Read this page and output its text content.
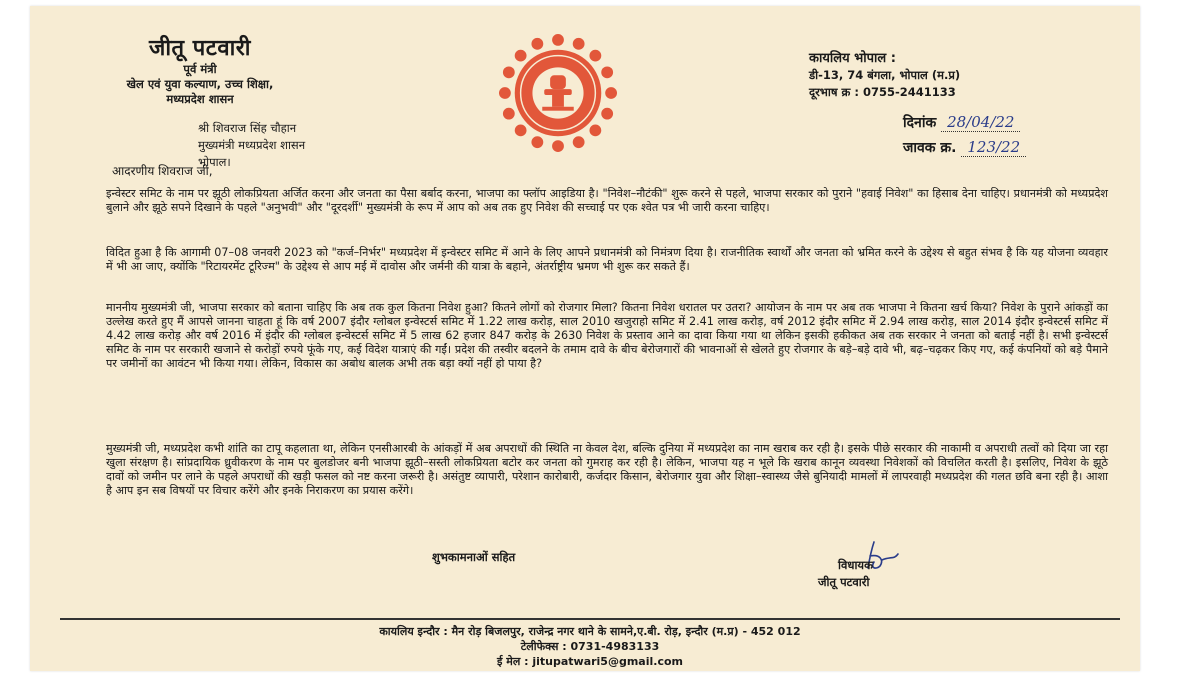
जीतू पटवारी
पूर्व मंत्री
खेल एवं युवा कल्याण, उच्च शिक्षा,
मध्यप्रदेश शासन
कायलिय भोपाल :
डी-13, 74 बंगला, भोपाल (म.प्र)
दूरभाष क्र : 0755-2441133
श्री शिवराज सिंह चौहान
मुख्यमंत्री मध्यप्रदेश शासन
भोपाल।
दिनांक 28/04/22
जावक क्र. 123/22
आदरणीय शिवराज जी,

इन्वेस्टर समिट के नाम पर झूठी लोकप्रियता अर्जित करना और जनता का पैसा बर्बाद करना, भाजपा का फ्लॉप आइडिया है। "निवेश–नौटंकी" शुरू करने से पहले, भाजपा सरकार को पुराने "हवाई निवेश" का हिसाब देना चाहिए। प्रधानमंत्री को मध्यप्रदेश बुलाने और झूठे सपने दिखाने के पहले "अनुभवी" और "दूरदर्शी" मुख्यमंत्री के रूप में आप को अब तक हुए निवेश की सच्चाई पर एक श्वेत पत्र भी जारी करना चाहिए।

विदित हुआ है कि आगामी 07–08 जनवरी 2023 को "कर्ज–निर्भर" मध्यप्रदेश में इन्वेस्टर समिट में आने के लिए आपने प्रधानमंत्री को निमंत्रण दिया है। राजनीतिक स्वार्थों और जनता को भ्रमित करने के उद्देश्य से बहुत संभव है कि यह योजना व्यवहार में भी आ जाए, क्योंकि "रिटायरमेंट टूरिज्म" के उद्देश्य से आप मई में दावोस और जर्मनी की यात्रा के बहाने, अंतर्राष्ट्रीय भ्रमण भी शुरू कर सकते हैं।

माननीय मुख्यमंत्री जी, भाजपा सरकार को बताना चाहिए कि अब तक कुल कितना निवेश हुआ? कितने लोगों को रोजगार मिला? कितना निवेश धरातल पर उतरा? आयोजन के नाम पर अब तक भाजपा ने कितना खर्च किया? निवेश के पुराने आंकड़ों का उल्लेख करते हुए मैं आपसे जानना चाहता हूं कि वर्ष 2007 इंदौर ग्लोबल इन्वेस्टर्स समिट में 1.22 लाख करोड़, साल 2010 खजुराहो समिट में 2.41 लाख करोड़, वर्ष 2012 इंदौर समिट में 2.94 लाख करोड़, साल 2014 इंदौर इन्वेस्टर्स समिट में 4.42 लाख करोड़ और वर्ष 2016 में इंदौर की ग्लोबल इन्वेस्टर्स समिट में 5 लाख 62 हजार 847 करोड़ के 2630 निवेश के प्रस्ताव आने का दावा किया गया था लेकिन इसकी हकीकत अब तक सरकार ने जनता को बताई नहीं है। सभी इन्वेस्टर्स समिट के नाम पर सरकारी खजाने से करोड़ों रुपये फूंके गए, कई विदेश यात्राएं की गईं। प्रदेश की तस्वीर बदलने के तमाम दावे के बीच बेरोजगारों की भावनाओं से खेलते हुए रोजगार के बड़े–बड़े दावे भी, बढ़–चढ़कर किए गए, कई कंपनियों को बड़े पैमाने पर जमीनों का आवंटन भी किया गया। लेकिन, विकास का अबोध बालक अभी तक बड़ा क्यों नहीं हो पाया है?

मुख्यमंत्री जी, मध्यप्रदेश कभी शांति का टापू कहलाता था, लेकिन एनसीआरबी के आंकड़ों में अब अपराधों की स्थिति ना केवल देश, बल्कि दुनिया में मध्यप्रदेश का नाम खराब कर रही है। इसके पीछे सरकार की नाकामी व अपराधी तत्वों को दिया जा रहा खुला संरक्षण है। सांप्रदायिक ध्रुवीकरण के नाम पर बुलडोजर बनी भाजपा झूठी–सस्ती लोकप्रियता बटोर कर जनता को गुमराह कर रही है। लेकिन, भाजपा यह न भूले कि खराब कानून व्यवस्था निवेशकों को विचलित करती है। इसलिए, निवेश के झूठे दावों को जमीन पर लाने के पहले अपराधों की खड़ी फसल को नष्ट करना जरूरी है। असंतुष्ट व्यापारी, परेशान कारोबारी, कर्जदार किसान, बेरोजगार युवा और शिक्षा–स्वास्थ्य जैसे बुनियादी मामलों में लापरवाही मध्यप्रदेश की गलत छवि बना रही है। आशा है आप इन सब विषयों पर विचार करेंगे और इनके निराकरण का प्रयास करेंगे।

शुभकामनाओं सहित
विधायक
जीतू पटवारी
कायलिय इन्दौर : मैन रोड़ बिजलपुर, राजेन्द्र नगर थाने के सामने,ए.बी. रोड़, इन्दौर (म.प्र) - 452 012
टेलीफेक्स : 0731-4983133
ई मेल : jitupatwari5@gmail.com
